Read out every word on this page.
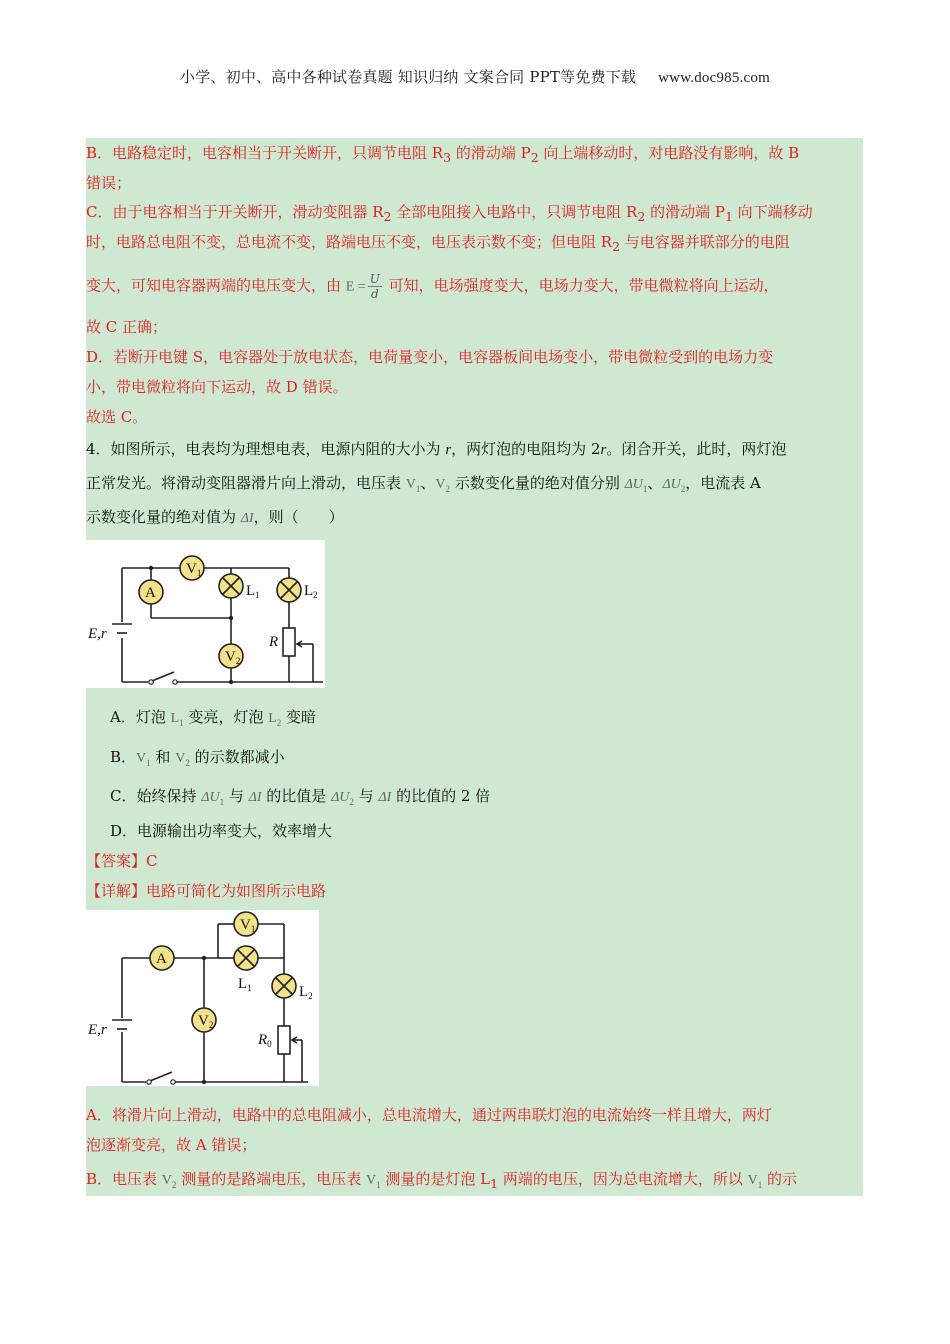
小学、初中、高中各种试卷真题 知识归纳 文案合同 PPT等免费下载 www.doc985.com
B．电路稳定时，电容相当于开关断开，只调节电阻 $R_3$ 的滑动端 $P_2$ 向上端移动时，对电路没有影响，故 B
错误；
C．由于电容相当于开关断开，滑动变阻器 $R_2$ 全部电阻接入电路中，只调节电阻 $R_2$ 的滑动端 $P_1$ 向下端移动
时，电路总电阻不变，总电流不变，路端电压不变，电压表示数不变；但电阻 $R_2$ 与电容器并联部分的电阻
变大，可知电容器两端的电压变大，由 $E = \frac{U}{d}$ 可知，电场强度变大，电场力变大，带电微粒将向上运动，
故 C 正确；
D．若断开电键 S，电容器处于放电状态，电荷量变小，电容器板间电场变小，带电微粒受到的电场力变
小，带电微粒将向下运动，故 D 错误。
故选 C。
4．如图所示，电表均为理想电表，电源内阻的大小为 r，两灯泡的电阻均为 2r。闭合开关，此时，两灯泡
正常发光。将滑动变阻器滑片向上滑动，电压表 $V_1$、$V_2$ 示数变化量的绝对值分别 $\Delta U_1$、$\Delta U_2$，电流表 A
示数变化量的绝对值为 ΔI，则（　　）
$V_1$
A
$V_2$
$L_1$	$L_2$
E,r	R
A．灯泡 $L_1$ 变亮，灯泡 $L_2$ 变暗
B．$V_1$ 和 $V_2$ 的示数都减小
C．始终保持 $\Delta U_1$ 与 ΔI 的比值是 $\Delta U_2$ 与 ΔI 的比值的 2 倍
D．电源输出功率变大，效率增大
【答案】C
【详解】电路可简化为如图所示电路
$V_1$
A
$V_2$
$L_1$	$L_2$
E,r
$R_0$
A．将滑片向上滑动，电路中的总电阻减小，总电流增大，通过两串联灯泡的电流始终一样且增大，两灯
泡逐渐变亮，故 A 错误；
B．电压表 $V_2$ 测量的是路端电压，电压表 $V_1$ 测量的是灯泡 $L_1$ 两端的电压，因为总电流增大，所以 $V_1$ 的示
